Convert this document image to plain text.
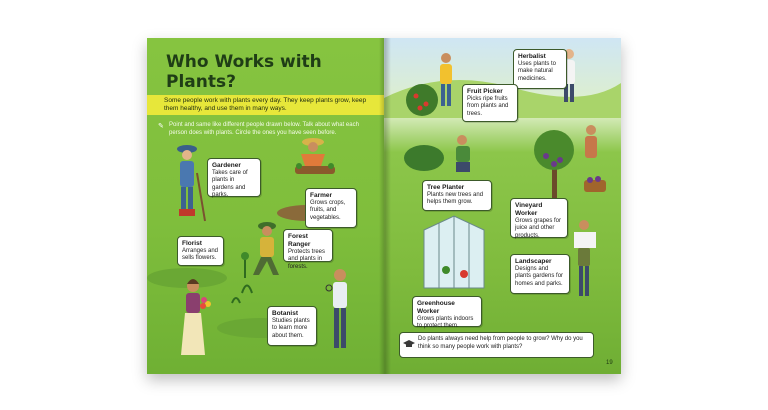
Who Works with Plants?
Some people work with plants every day. They keep plants grow, keep them healthy, and use them in many ways.
✎ Point and same like different people drawn below. Talk about what each person does with plants. Circle the ones you have seen before.
Gardener
Takes care of plants in gardens and parks.	Farmer
Grows crops, fruits, and vegetables.
Forest Ranger
Protects trees and plants in forests.
Florist
Arranges and sells flowers.
Botanist
Studies plants to learn more about them.
Herbalist
Uses plants to make natural medicines.
Fruit Picker
Picks ripe fruits from plants and trees.
Tree Planter
Plants new trees and helps them grow.	Vineyard Worker
Grows grapes for juice and other products.
Landscaper
Designs and plants gardens for homes and parks.
Greenhouse Worker
Grows plants indoors to protect them.
19
Do plants always need help from people to grow? Why do you think so many people work with plants?
